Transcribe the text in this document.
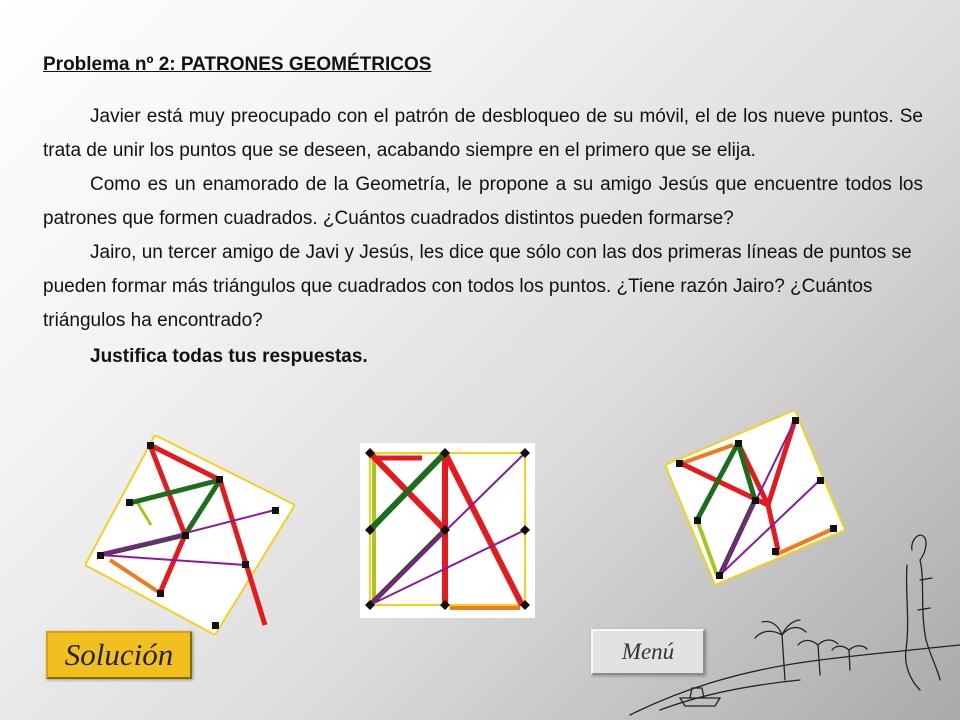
Problema nº 2: PATRONES GEOMÉTRICOS

Javier está muy preocupado con el patrón de desbloqueo de su móvil, el de los nueve puntos. Se trata de unir los puntos que se deseen, acabando siempre en el primero que se elija.

Como es un enamorado de la Geometría, le propone a su amigo Jesús que encuentre todos los patrones que formen cuadrados. ¿Cuántos cuadrados distintos pueden formarse?

Jairo, un tercer amigo de Javi y Jesús, les dice que sólo con las dos primeras líneas de puntos se pueden formar más triángulos que cuadrados con todos los puntos. ¿Tiene razón Jairo? ¿Cuántos triángulos ha encontrado?

Justifica todas tus respuestas.

Solución	Menú
